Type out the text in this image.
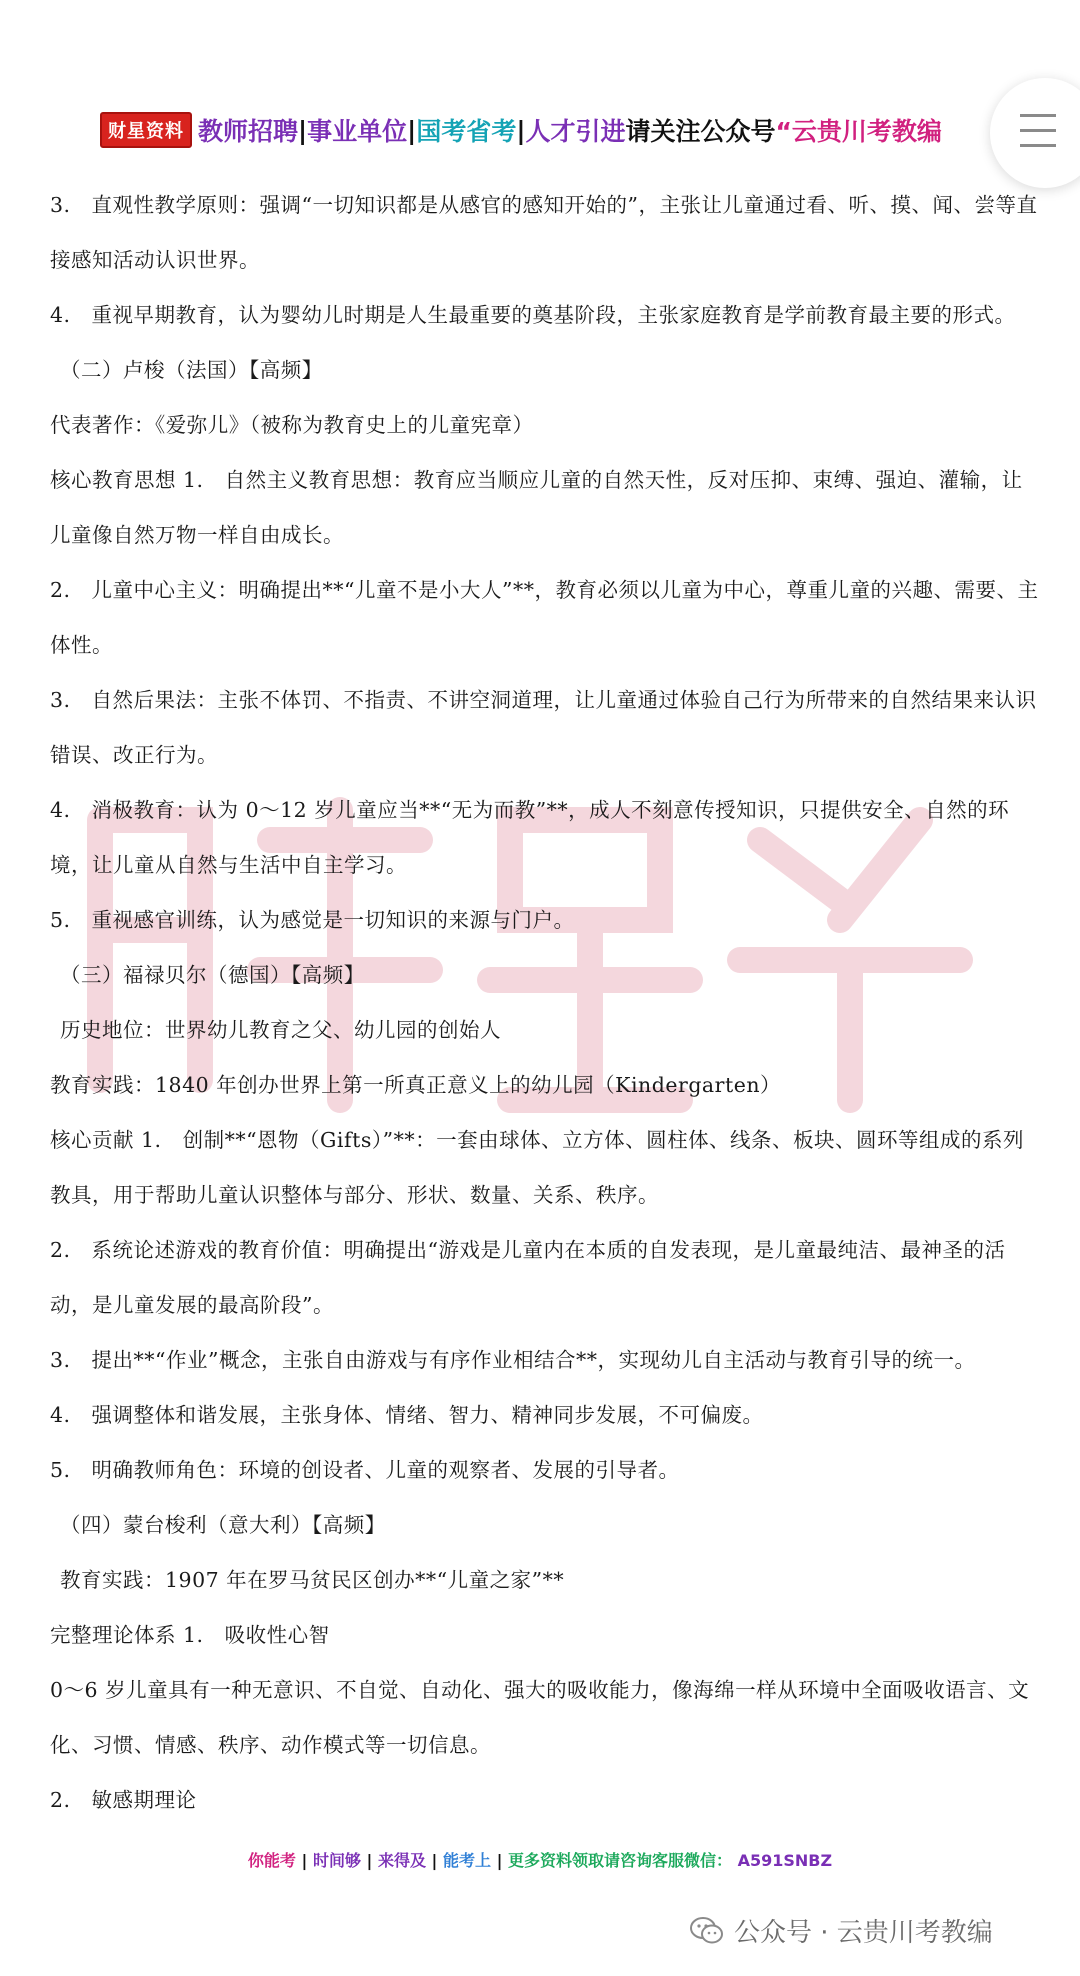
财星资料 教师招聘 | 事业单位 | 国考省考 | 人才引进 请关注公众号 “云贵川考教编

3.　直观性教学原则：强调“一切知识都是从感官的感知开始的”，主张让儿童通过看、听、摸、闻、尝等直接感知活动认识世界。

4.　重视早期教育，认为婴幼儿时期是人生最重要的奠基阶段，主张家庭教育是学前教育最主要的形式。

（二）卢梭（法国）【高频】

代表著作：《爱弥儿》（被称为教育史上的儿童宪章）

核心教育思想 1.　自然主义教育思想：教育应当顺应儿童的自然天性，反对压抑、束缚、强迫、灌输，让儿童像自然万物一样自由成长。

2.　儿童中心主义：明确提出**“儿童不是小大人”**，教育必须以儿童为中心，尊重儿童的兴趣、需要、主体性。

3.　自然后果法：主张不体罚、不指责、不讲空洞道理，让儿童通过体验自己行为所带来的自然结果来认识错误、改正行为。

4.　消极教育：认为 0～12 岁儿童应当**“无为而教”**，成人不刻意传授知识，只提供安全、自然的环境，让儿童从自然与生活中自主学习。

5.　重视感官训练，认为感觉是一切知识的来源与门户。

（三）福禄贝尔（德国）【高频】

历史地位：世界幼儿教育之父、幼儿园的创始人

教育实践：1840 年创办世界上第一所真正意义上的幼儿园（Kindergarten）

核心贡献 1.　创制**“恩物（Gifts）”**：一套由球体、立方体、圆柱体、线条、板块、圆环等组成的系列教具，用于帮助儿童认识整体与部分、形状、数量、关系、秩序。

2.　系统论述游戏的教育价值：明确提出“游戏是儿童内在本质的自发表现，是儿童最纯洁、最神圣的活动，是儿童发展的最高阶段”。

3.　提出**“作业”概念，主张自由游戏与有序作业相结合**，实现幼儿自主活动与教育引导的统一。

4.　强调整体和谐发展，主张身体、情绪、智力、精神同步发展，不可偏废。

5.　明确教师角色：环境的创设者、儿童的观察者、发展的引导者。

（四）蒙台梭利（意大利）【高频】

教育实践：1907 年在罗马贫民区创办**“儿童之家”**

完整理论体系 1.　吸收性心智

0～6 岁儿童具有一种无意识、不自觉、自动化、强大的吸收能力，像海绵一样从环境中全面吸收语言、文化、习惯、情感、秩序、动作模式等一切信息。

2.　敏感期理论

你能考 | 时间够 | 来得及 | 能考上 | 更多资料领取请咨询客服微信： A591SNBZ
公众号 · 云贵川考教编
